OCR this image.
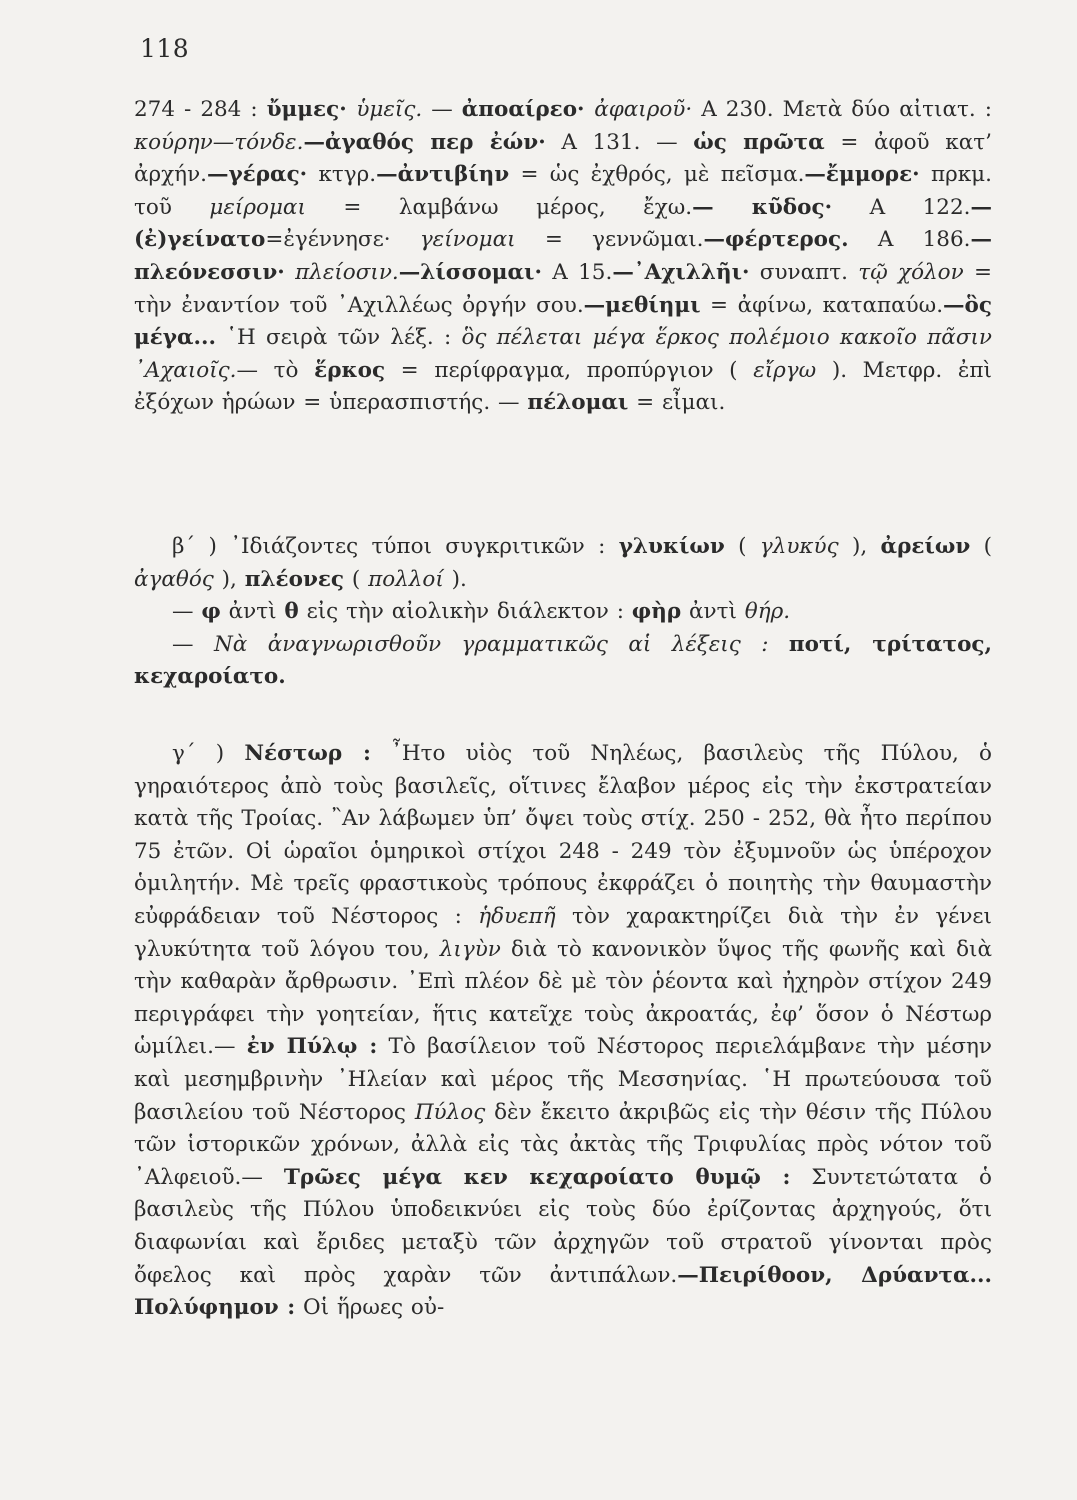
118

274 - 284 : ὔμμες· ὑμεῖς. — ἀποαίρεο· ἀφαιροῦ· Α 230. Μετὰ δύο αἰτιατ. : κούρην—τόνδε.—ἀγαθός περ ἐών· Α 131. — ὡς πρῶτα = ἀφοῦ κατ’ ἀρχήν.—γέρας· κτγρ.—ἀντιβίην = ὡς ἐχθρός, μὲ πεῖσμα.—ἔμμορε· πρκμ. τοῦ μείρομαι = λαμβάνω μέρος, ἔχω.— κῦδος· Α 122.—(ἐ)γείνατο=ἐγέννησε· γείνομαι = γεννῶμαι.—φέρτερος. Α 186.—πλεόνεσσιν· πλείοσιν.—λίσσομαι· Α 15.—᾿Αχιλλῆι· συναπτ. τῷ χόλον = τὴν ἐναντίον τοῦ ᾿Αχιλλέως ὀργήν σου.—μεθίημι = ἀφίνω, καταπαύω.—ὃς μέγα... ῾Η σειρὰ τῶν λέξ. : ὃς πέλεται μέγα ἕρκος πολέμοιο κακοῖο πᾶσιν ᾿Αχαιοῖς.— τὸ ἕρκος = περίφραγμα, προπύργιον ( εἴργω ). Μετφρ. ἐπὶ ἐξόχων ἡρώων = ὑπερασπιστής. — πέλομαι = εἶμαι.

β΄ ) ᾿Ιδιάζοντες τύποι συγκριτικῶν : γλυκίων ( γλυκύς ), ἀρείων ( ἀγαθός ), πλέονες ( πολλοί ).

— φ ἀντὶ θ εἰς τὴν αἰολικὴν διάλεκτον : φὴρ ἀντὶ θήρ.

— Νὰ ἀναγνωρισθοῦν γραμματικῶς αἱ λέξεις : ποτί, τρίτατος, κεχαροίατο.

γ΄ ) Νέστωρ : ῏Ητο υἱὸς τοῦ Νηλέως, βασιλεὺς τῆς Πύλου, ὁ γηραιότερος ἀπὸ τοὺς βασιλεῖς, οἵτινες ἔλαβον μέρος εἰς τὴν ἐκστρατείαν κατὰ τῆς Τροίας. ῍Αν λάβωμεν ὑπ’ ὄψει τοὺς στίχ. 250 - 252, θὰ ἦτο περίπου 75 ἐτῶν. Οἱ ὡραῖοι ὁμηρικοὶ στίχοι 248 - 249 τὸν ἐξυμνοῦν ὡς ὑπέροχον ὁμιλητήν. Μὲ τρεῖς φραστικοὺς τρόπους ἐκφράζει ὁ ποιητὴς τὴν θαυμαστὴν εὐφράδειαν τοῦ Νέστορος : ἡδυεπῆ τὸν χαρακτηρίζει διὰ τὴν ἐν γένει γλυκύτητα τοῦ λόγου του, λιγὺν διὰ τὸ κανονικὸν ὕψος τῆς φωνῆς καὶ διὰ τὴν καθαρὰν ἄρθρωσιν. ᾿Επὶ πλέον δὲ μὲ τὸν ῥέοντα καὶ ἠχηρὸν στίχον 249 περιγράφει τὴν γοητείαν, ἥτις κατεῖχε τοὺς ἀκροατάς, ἐφ’ ὅσον ὁ Νέστωρ ὡμίλει.— ἐν Πύλῳ : Τὸ βασίλειον τοῦ Νέστορος περιελάμβανε τὴν μέσην καὶ μεσημβρινὴν ᾿Ηλείαν καὶ μέρος τῆς Μεσσηνίας. ῾Η πρωτεύουσα τοῦ βασιλείου τοῦ Νέστορος Πύλος δὲν ἔκειτο ἀκριβῶς εἰς τὴν θέσιν τῆς Πύλου τῶν ἱστορικῶν χρόνων, ἀλλὰ εἰς τὰς ἀκτὰς τῆς Τριφυλίας πρὸς νότον τοῦ ᾿Αλφειοῦ.— Τρῶες μέγα κεν κεχαροίατο θυμῷ : Συντετώτατα ὁ βασιλεὺς τῆς Πύλου ὑποδεικνύει εἰς τοὺς δύο ἐρίζοντας ἀρχηγούς, ὅτι διαφωνίαι καὶ ἔριδες μεταξὺ τῶν ἀρχηγῶν τοῦ στρατοῦ γίνονται πρὸς ὄφελος καὶ πρὸς χαρὰν τῶν ἀντιπάλων.—Πειρίθοον, Δρύαντα... Πολύφημον : Οἱ ἥρωες οὐ-
